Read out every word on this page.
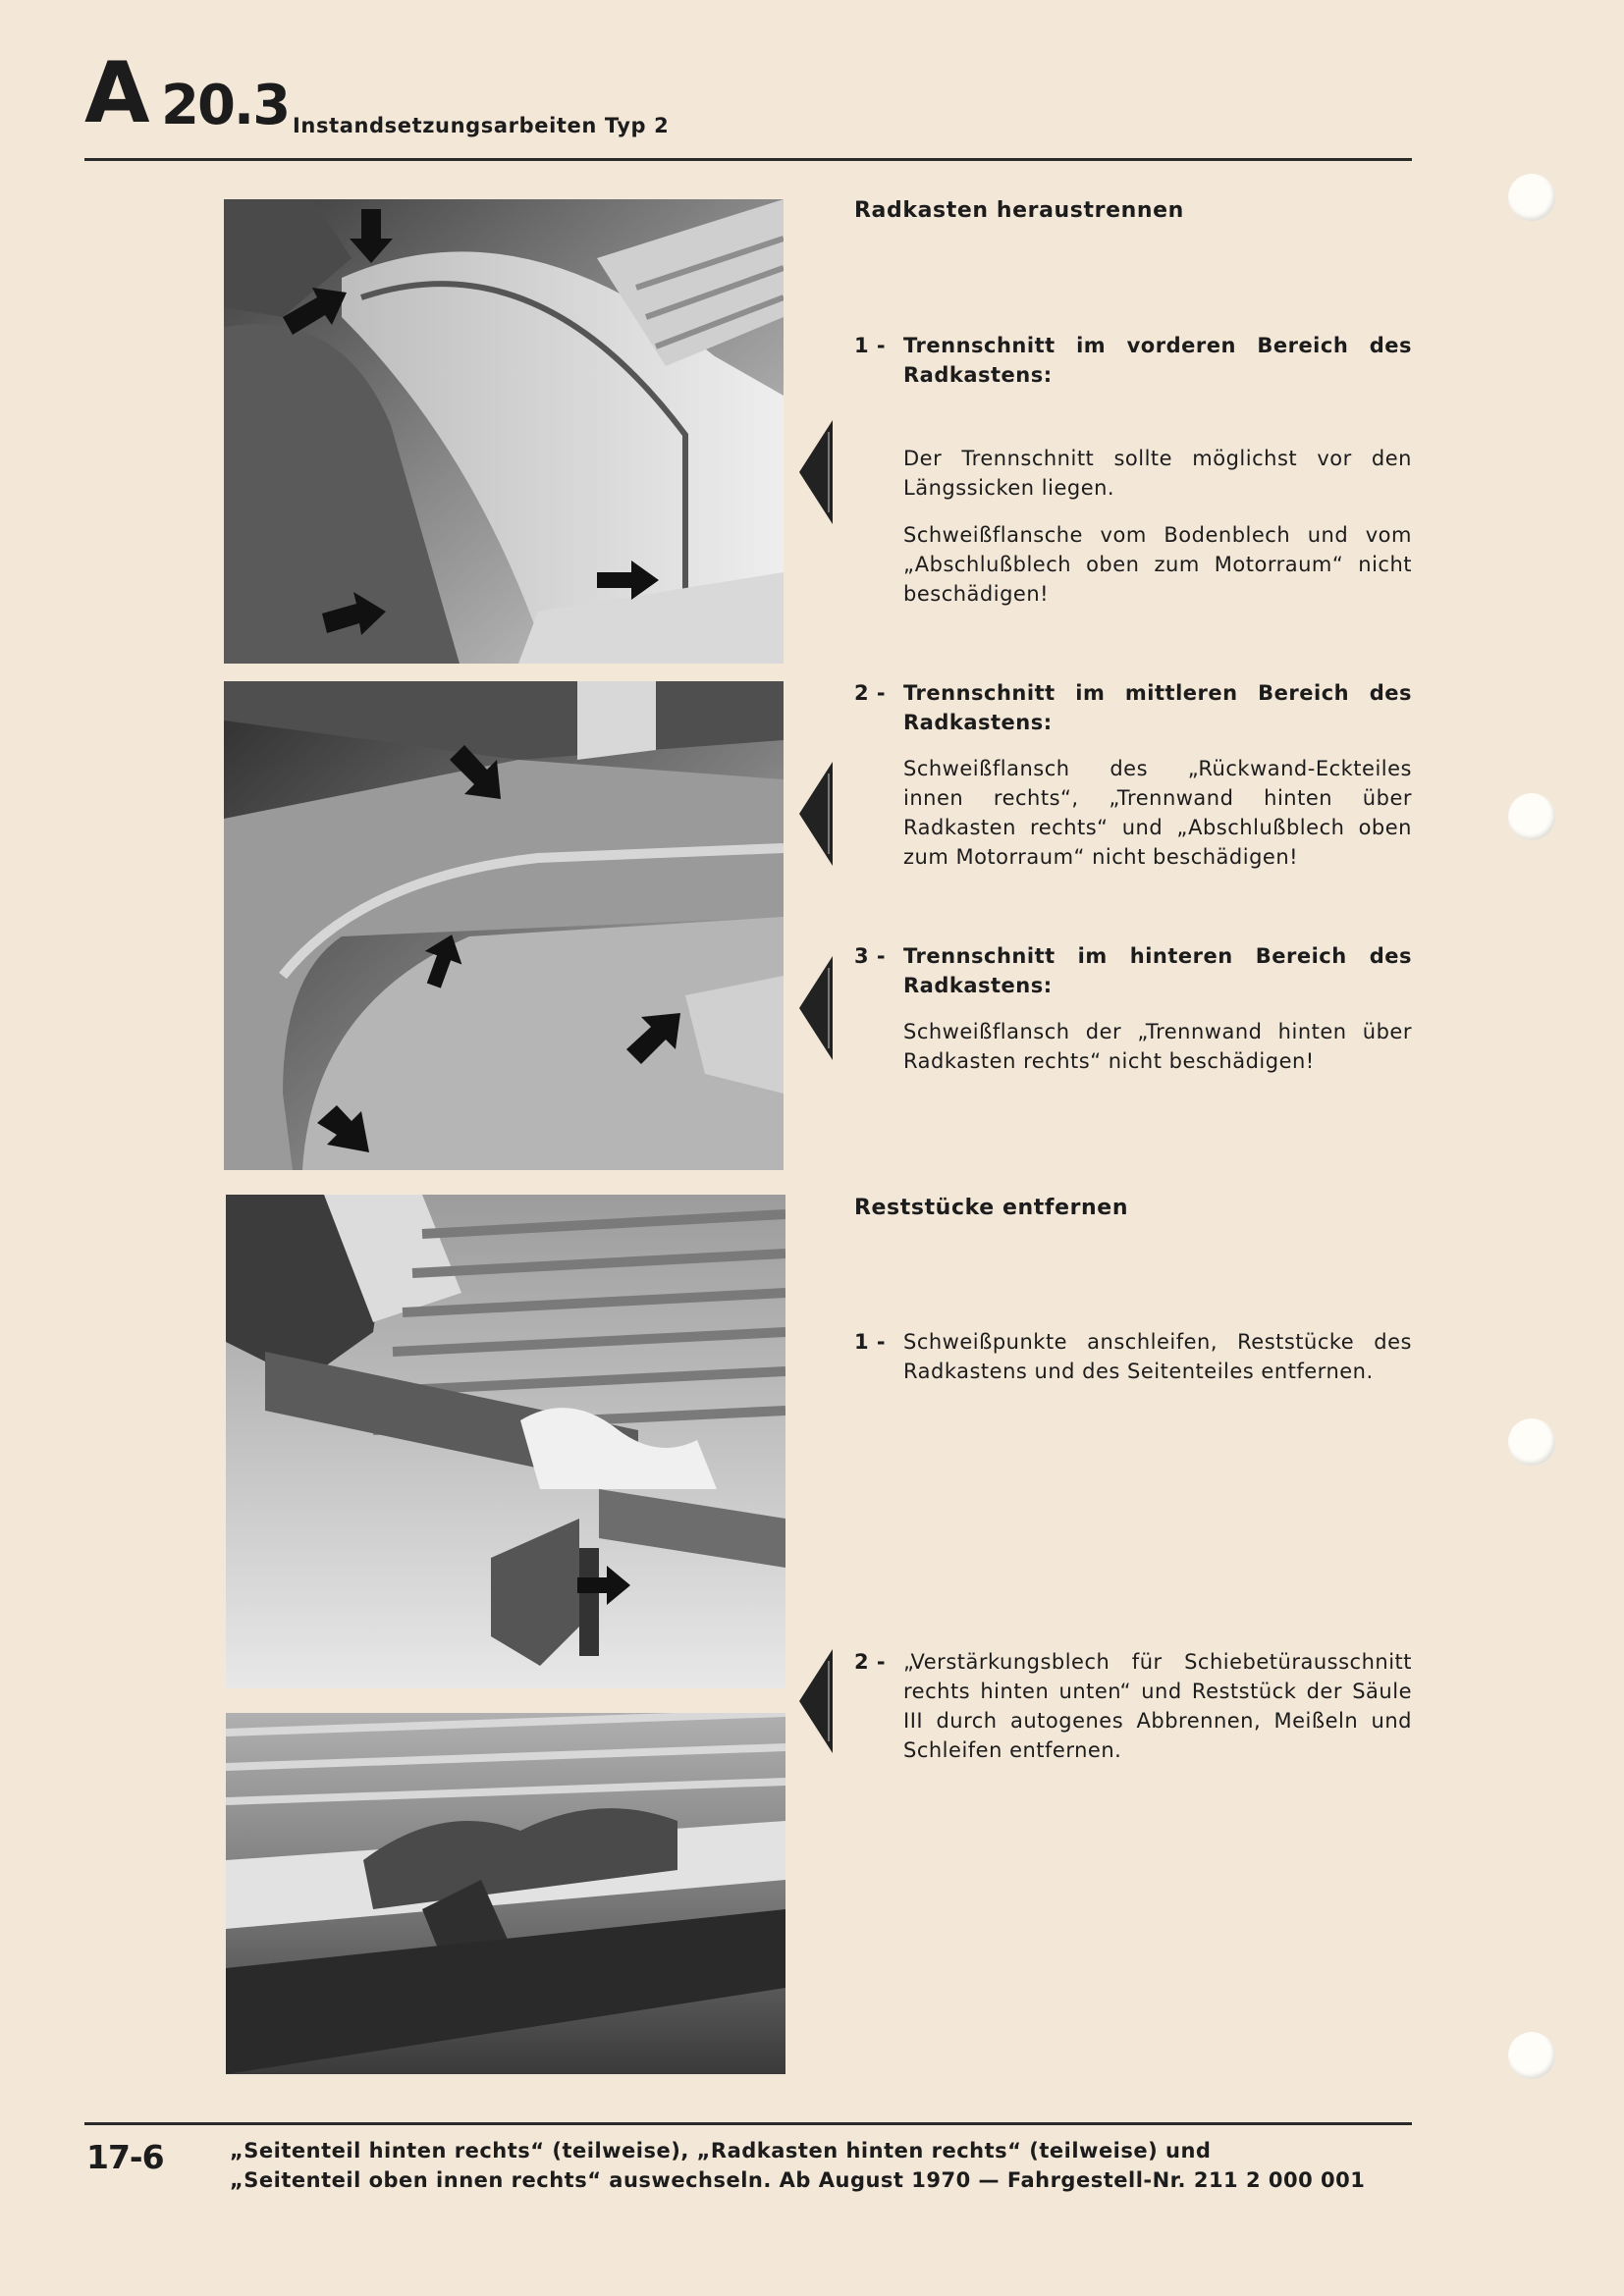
A 20.3 Instandsetzungsarbeiten Typ 2
Radkasten heraustrennen
1 - Trennschnitt im vorderen Bereich des Radkastens:
Der Trennschnitt sollte möglichst vor den Längssicken liegen.
Schweißflansche vom Bodenblech und vom „Abschlußblech oben zum Motorraum“ nicht beschädigen!
2 - Trennschnitt im mittleren Bereich des Radkastens:
Schweißflansch des „Rückwand-Eckteiles innen rechts“, „Trennwand hinten über Radkasten rechts“ und „Abschlußblech oben zum Motorraum“ nicht beschädigen!
3 - Trennschnitt im hinteren Bereich des Radkastens:
Schweißflansch der „Trennwand hinten über Radkasten rechts“ nicht beschädigen!
Reststücke entfernen
1 - Schweißpunkte anschleifen, Reststücke des Radkastens und des Seitenteiles entfernen.
2 - „Verstärkungsblech für Schiebetürausschnitt rechts hinten unten“ und Reststück der Säule III durch autogenes Abbrennen, Meißeln und Schleifen entfernen.
17-6	„Seitenteil hinten rechts“ (teilweise), „Radkasten hinten rechts“ (teilweise) und
„Seitenteil oben innen rechts“ auswechseln. Ab August 1970 — Fahrgestell-Nr. 211 2 000 001
